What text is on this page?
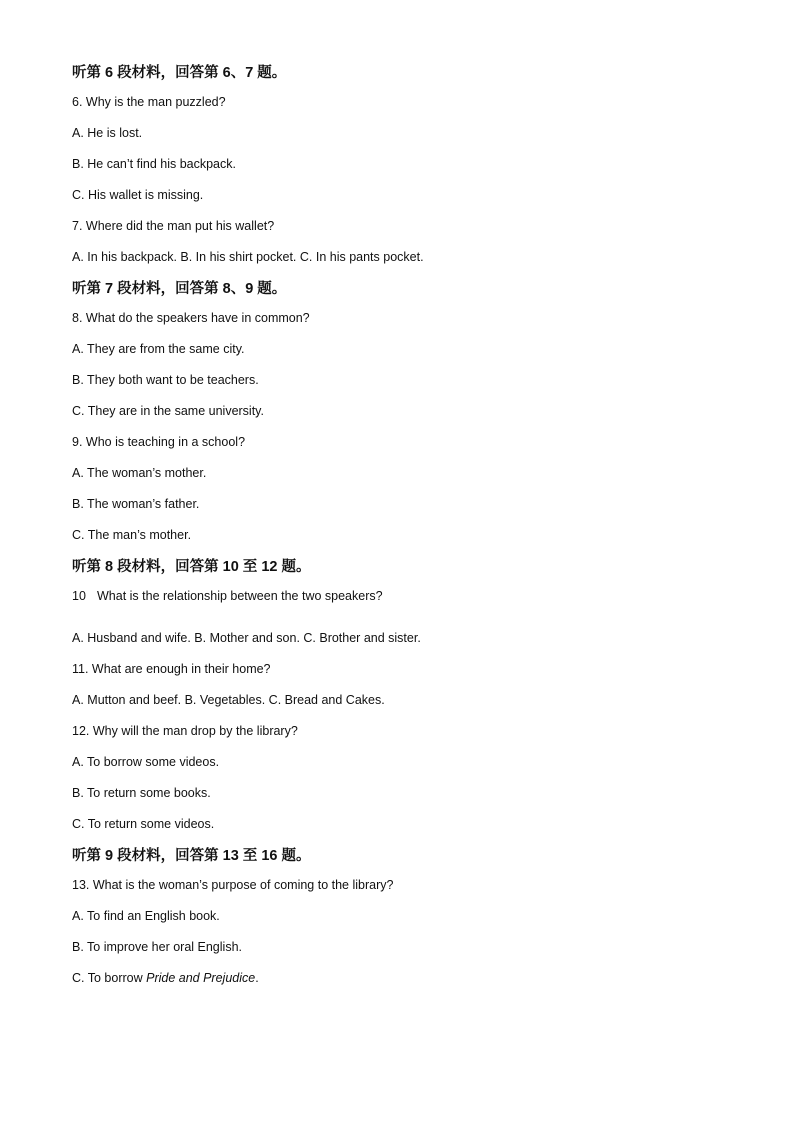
听第 6 段材料，回答第 6、7 题。
6. Why is the man puzzled?
A. He is lost.
B. He can’t find his backpack.
C. His wallet is missing.
7. Where did the man put his wallet?
A. In his backpack. B. In his shirt pocket. C. In his pants pocket.
听第 7 段材料，回答第 8、9 题。
8. What do the speakers have in common?
A. They are from the same city.
B. They both want to be teachers.
C. They are in the same university.
9. Who is teaching in a school?
A. The woman’s mother.
B. The woman’s father.
C. The man’s mother.
听第 8 段材料，回答第 10 至 12 题。
10 What is the relationship between the two speakers?
A. Husband and wife. B. Mother and son. C. Brother and sister.
11. What are enough in their home?
A. Mutton and beef. B. Vegetables. C. Bread and Cakes.
12. Why will the man drop by the library?
A. To borrow some videos.
B. To return some books.
C. To return some videos.
听第 9 段材料，回答第 13 至 16 题。
13. What is the woman’s purpose of coming to the library?
A. To find an English book.
B. To improve her oral English.
C. To borrow Pride and Prejudice.
